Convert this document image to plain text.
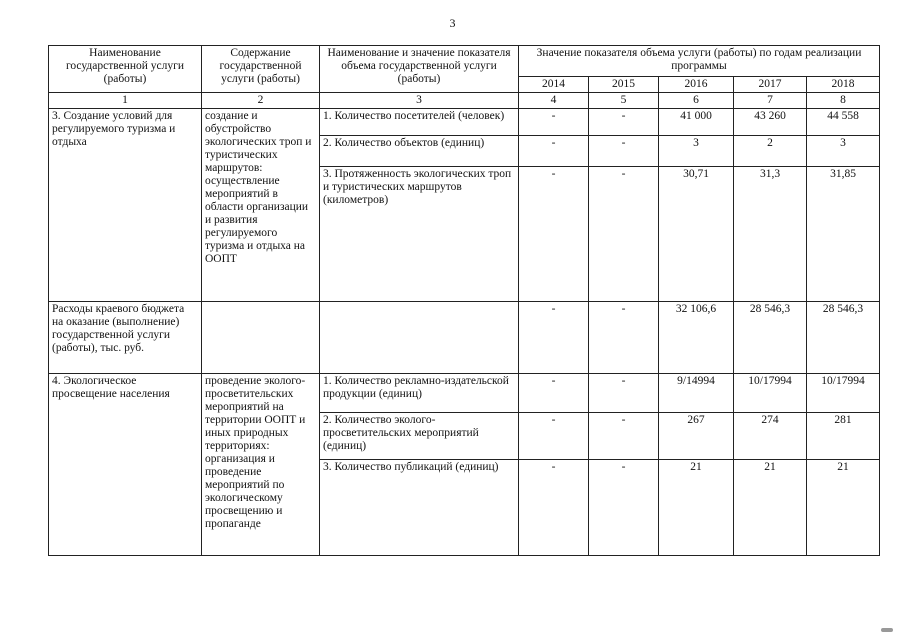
3
Наименование государственной услуги (работы)	Содержание государственной услуги (работы)	Наименование и значение показателя объема государственной услуги (работы)	Значение показателя объема услуги (работы) по годам реализации программы				
			2014	2015	2016	2017	2018
1	2	3	4	5	6	7	8
3. Создание условий для регулируемого туризма и отдыха	создание и обустройство экологических троп и туристических маршрутов: осуществление мероприятий в области организации и развития регулируемого туризма и отдыха на ООПТ	1. Количество посетителей (человек)	-	-	41 000	43 260	44 558
		2. Количество объектов (единиц)	-	-	3	2	3
		3. Протяженность экологических троп и туристических маршрутов (километров)	-	-	30,71	31,3	31,85
Расходы краевого бюджета на оказание (выполнение) государственной услуги (работы), тыс. руб.			-	-	32 106,6	28 546,3	28 546,3
4. Экологическое просвещение населения	проведение эколого-просветительских мероприятий на территории ООПТ и иных природных территориях: организация и проведение мероприятий по экологическому просвещению и пропаганде	1. Количество рекламно-издательской продукции (единиц)	-	-	9/14994	10/17994	10/17994
		2. Количество эколого-просветительских мероприятий (единиц)	-	-	267	274	281
		3. Количество публикаций (единиц)	-	-	21	21	21
